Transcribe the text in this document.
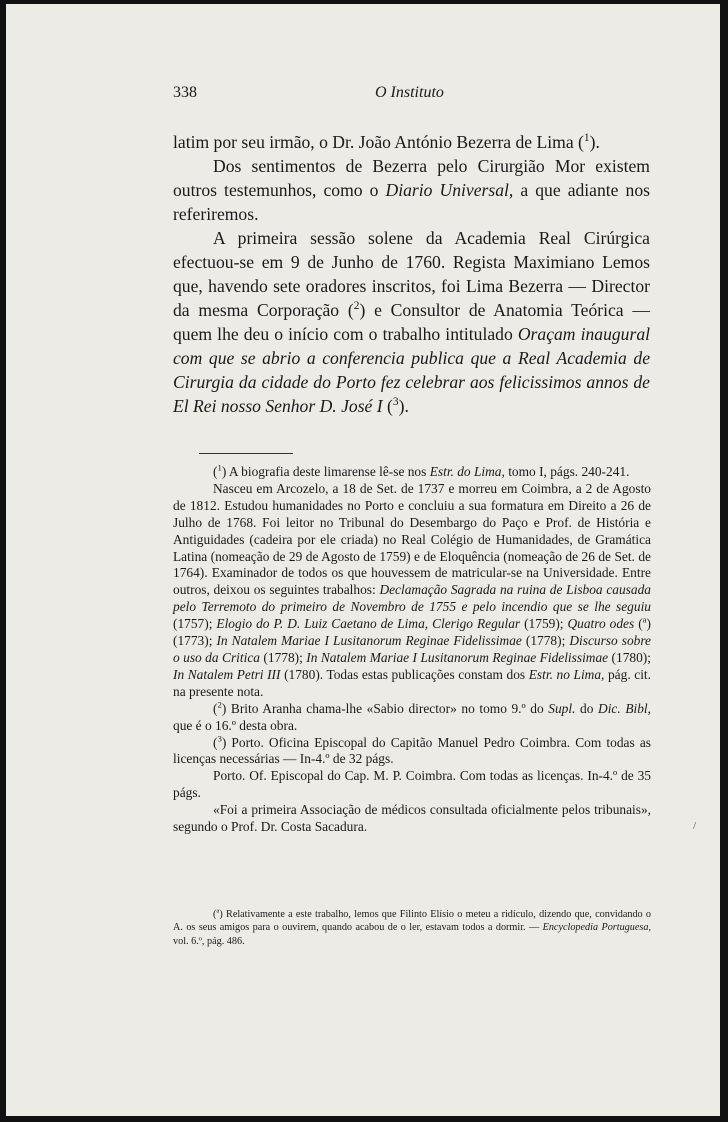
338	O Instituto

latim por seu irmão, o Dr. João António Bezerra de Lima ($^1$).

Dos sentimentos de Bezerra pelo Cirurgião Mor existem outros testemunhos, como o Diario Universal, a que adiante nos referiremos.

A primeira sessão solene da Academia Real Cirúrgica efectuou-se em 9 de Junho de 1760. Regista Maximiano Lemos que, havendo sete oradores inscritos, foi Lima Bezerra — Director da mesma Corporação ($^2$) e Consultor de Anatomia Teórica — quem lhe deu o início com o trabalho intitulado Oraçam inaugural com que se abrio a conferencia publica que a Real Academia de Cirurgia da cidade do Porto fez celebrar aos felicissimos annos de El Rei nosso Senhor D. José I ($^3$).

($^1$) A biografia deste limarense lê-se nos Estr. do Lima, tomo I, págs. 240-241.

Nasceu em Arcozelo, a 18 de Set. de 1737 e morreu em Coimbra, a 2 de Agosto de 1812. Estudou humanidades no Porto e concluiu a sua formatura em Direito a 26 de Julho de 1768. Foi leitor no Tribunal do Desembargo do Paço e Prof. de História e Antiguidades (cadeira por ele criada) no Real Colégio de Humanidades, de Gramática Latina (nomeação de 29 de Agosto de 1759) e de Eloquência (nomeação de 26 de Set. de 1764). Examinador de todos os que houvessem de matricular-se na Universidade. Entre outros, deixou os seguintes trabalhos: Declamação Sagrada na ruina de Lisboa causada pelo Terremoto do primeiro de Novembro de 1755 e pelo incendio que se lhe seguiu (1757); Elogio do P. D. Luiz Caetano de Lima, Clerigo Regular (1759); Quatro odes ($^a$) (1773); In Natalem Mariae I Lusitanorum Reginae Fidelissimae (1778); Discurso sobre o uso da Critica (1778); In Natalem Mariae I Lusitanorum Reginae Fidelissimae (1780); In Natalem Petri III (1780). Todas estas publicações constam dos Estr. no Lima, pág. cit. na presente nota.

($^2$) Brito Aranha chama-lhe «Sabio director» no tomo 9.º do Supl. do Dic. Bibl, que é o 16.º desta obra.

($^3$) Porto. Oficina Episcopal do Capitão Manuel Pedro Coimbra. Com todas as licenças necessárias — In-4.º de 32 págs.

Porto. Of. Episcopal do Cap. M. P. Coimbra. Com todas as licenças. In-4.º de 35 págs.

«Foi a primeira Associação de médicos consultada oficialmente pelos tribunais», segundo o Prof. Dr. Costa Sacadura.

($^a$) Relativamente a este trabalho, lemos que Filinto Elísio o meteu a ridículo, dizendo que, convidando o A. os seus amigos para o ouvirem, quando acabou de o ler, estavam todos a dormir. — Encyclopedia Portuguesa, vol. 6.º, pág. 486.

/
